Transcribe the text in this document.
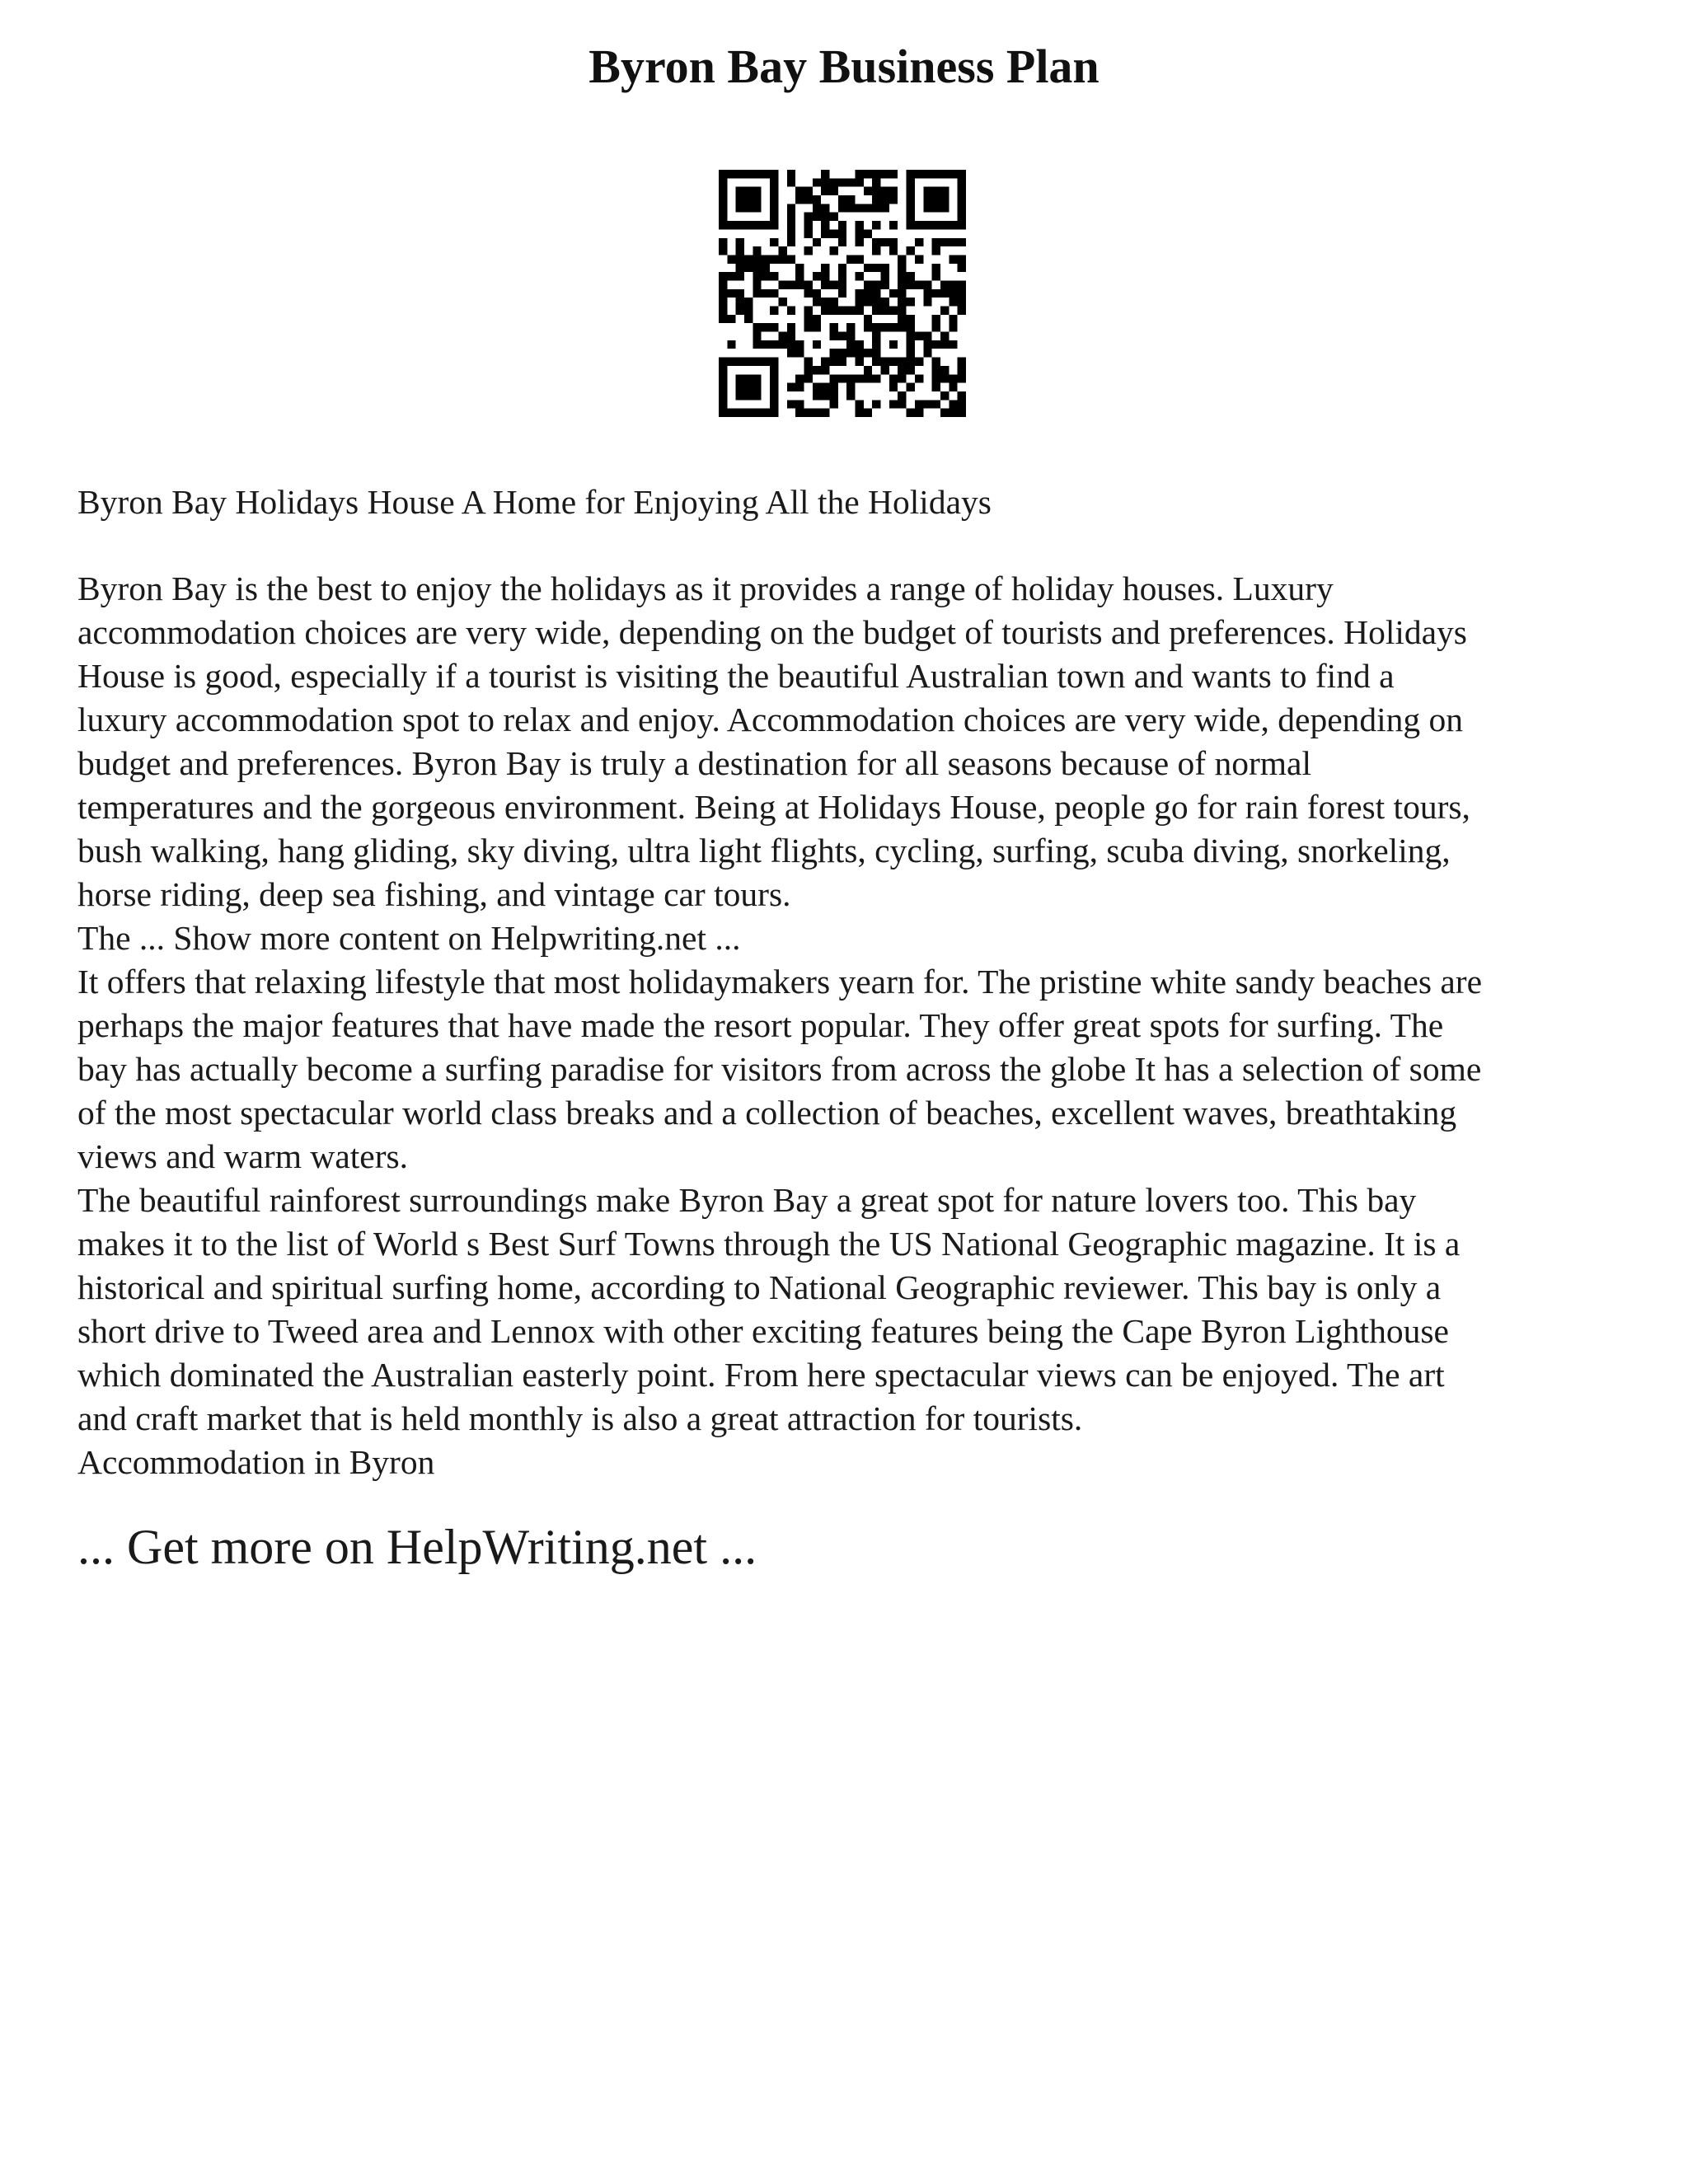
Byron Bay Business Plan

Byron Bay Holidays House A Home for Enjoying All the Holidays

Byron Bay is the best to enjoy the holidays as it provides a range of holiday houses. Luxury

accommodation choices are very wide, depending on the budget of tourists and preferences. Holidays

House is good, especially if a tourist is visiting the beautiful Australian town and wants to find a

luxury accommodation spot to relax and enjoy. Accommodation choices are very wide, depending on

budget and preferences. Byron Bay is truly a destination for all seasons because of normal

temperatures and the gorgeous environment. Being at Holidays House, people go for rain forest tours,

bush walking, hang gliding, sky diving, ultra light flights, cycling, surfing, scuba diving, snorkeling,

horse riding, deep sea fishing, and vintage car tours.

The ... Show more content on Helpwriting.net ...

It offers that relaxing lifestyle that most holidaymakers yearn for. The pristine white sandy beaches are

perhaps the major features that have made the resort popular. They offer great spots for surfing. The

bay has actually become a surfing paradise for visitors from across the globe It has a selection of some

of the most spectacular world class breaks and a collection of beaches, excellent waves, breathtaking

views and warm waters.

The beautiful rainforest surroundings make Byron Bay a great spot for nature lovers too. This bay

makes it to the list of World s Best Surf Towns through the US National Geographic magazine. It is a

historical and spiritual surfing home, according to National Geographic reviewer. This bay is only a

short drive to Tweed area and Lennox with other exciting features being the Cape Byron Lighthouse

which dominated the Australian easterly point. From here spectacular views can be enjoyed. The art

and craft market that is held monthly is also a great attraction for tourists.

Accommodation in Byron

... Get more on HelpWriting.net ...
